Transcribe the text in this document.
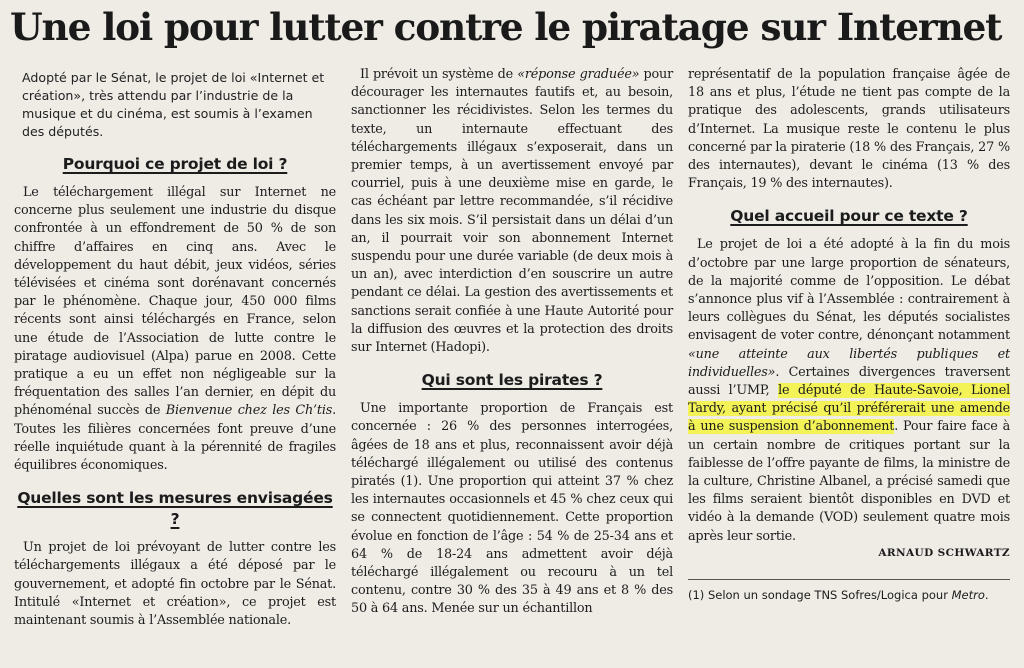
Une loi pour lutter contre le piratage sur Internet

Adopté par le Sénat, le projet de loi «Internet et création», très attendu par l’industrie de la musique et du cinéma, est soumis à l’examen des députés.

Pourquoi ce projet de loi ?

Le téléchargement illégal sur Internet ne concerne plus seulement une industrie du disque confrontée à un effondrement de 50 % de son chiffre d’affaires en cinq ans. Avec le développement du haut débit, jeux vidéos, séries télévisées et cinéma sont dorénavant concernés par le phénomène. Chaque jour, 450 000 films récents sont ainsi téléchargés en France, selon une étude de l’Association de lutte contre le piratage audiovisuel (Alpa) parue en 2008. Cette pratique a eu un effet non négligeable sur la fréquentation des salles l’an dernier, en dépit du phénoménal succès de Bienvenue chez les Ch’tis. Toutes les filières concernées font preuve d’une réelle inquiétude quant à la pérennité de fragiles équilibres économiques.

Quelles sont les mesures envisagées ?

Un projet de loi prévoyant de lutter contre les téléchargements illégaux a été déposé par le gouvernement, et adopté fin octobre par le Sénat. Intitulé «Internet et création», ce projet est maintenant soumis à l’Assemblée nationale.

Il prévoit un système de «réponse graduée» pour décourager les internautes fautifs et, au besoin, sanctionner les récidivistes. Selon les termes du texte, un internaute effectuant des téléchargements illégaux s’exposerait, dans un premier temps, à un avertissement envoyé par courriel, puis à une deuxième mise en garde, le cas échéant par lettre recommandée, s’il récidive dans les six mois. S’il persistait dans un délai d’un an, il pourrait voir son abonnement Internet suspendu pour une durée variable (de deux mois à un an), avec interdiction d’en souscrire un autre pendant ce délai. La gestion des avertissements et sanctions serait confiée à une Haute Autorité pour la diffusion des œuvres et la protection des droits sur Internet (Hadopi).

Qui sont les pirates ?

Une importante proportion de Français est concernée : 26 % des personnes interrogées, âgées de 18 ans et plus, reconnaissent avoir déjà téléchargé illégalement ou utilisé des contenus piratés (1). Une proportion qui atteint 37 % chez les internautes occasionnels et 45 % chez ceux qui se connectent quotidiennement. Cette proportion évolue en fonction de l’âge : 54 % de 25-34 ans et 64 % de 18-24 ans admettent avoir déjà téléchargé illégalement ou recouru à un tel contenu, contre 30 % des 35 à 49 ans et 8 % des 50 à 64 ans. Menée sur un échantillon

représentatif de la population française âgée de 18 ans et plus, l’étude ne tient pas compte de la pratique des adolescents, grands utilisateurs d’Internet. La musique reste le contenu le plus concerné par la piraterie (18 % des Français, 27 % des internautes), devant le cinéma (13 % des Français, 19 % des internautes).

Quel accueil pour ce texte ?

Le projet de loi a été adopté à la fin du mois d’octobre par une large proportion de sénateurs, de la majorité comme de l’opposition. Le débat s’annonce plus vif à l’Assemblée : contrairement à leurs collègues du Sénat, les députés socialistes envisagent de voter contre, dénonçant notamment «une atteinte aux libertés publiques et individuelles». Certaines divergences traversent aussi l’UMP, le député de Haute-Savoie, Lionel Tardy, ayant précisé qu’il préférerait une amende à une suspension d’abonnement. Pour faire face à un certain nombre de critiques portant sur la faiblesse de l’offre payante de films, la ministre de la culture, Christine Albanel, a précisé samedi que les films seraient bientôt disponibles en DVD et vidéo à la demande (VOD) seulement quatre mois après leur sortie.

ARNAUD SCHWARTZ

(1) Selon un sondage TNS Sofres/Logica pour Metro.
